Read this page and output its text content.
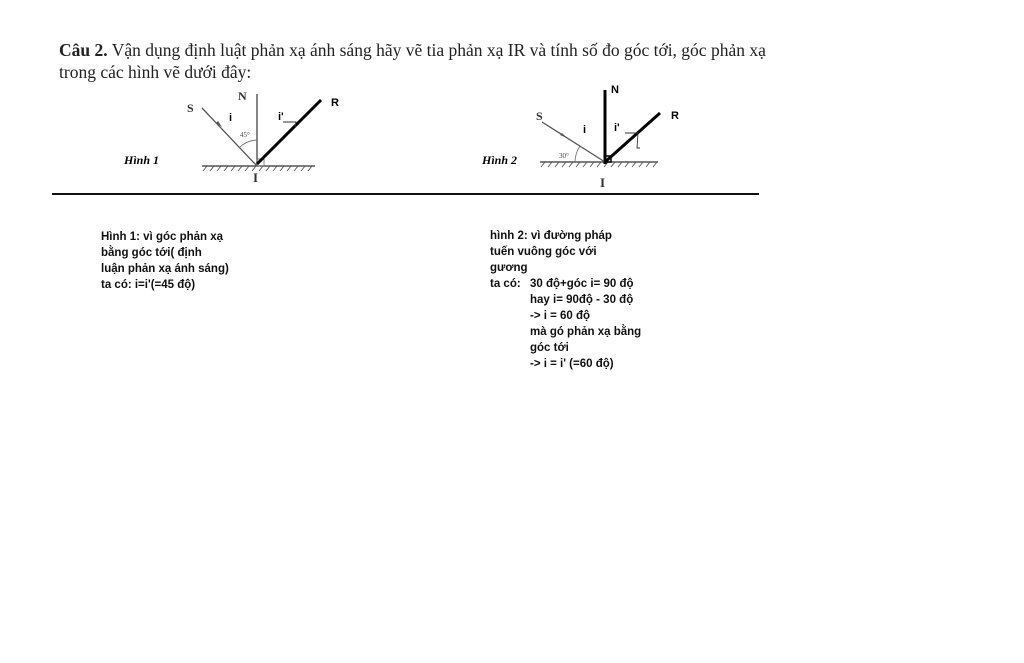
Câu 2. Vận dụng định luật phản xạ ánh sáng hãy vẽ tia phản xạ IR và tính số đo góc tới, góc phản xạ trong các hình vẽ dưới đây:
Hình 1
S
N
i	i'
R
I
45°
Hình 2
S
N
i	i'
R
I
30°
Hình 1: vì góc phản xạ
bằng góc tới( định
luận phản xạ ánh sáng)
ta có: i=i'(=45 độ)
hình 2: vì đường pháp
tuến vuông góc với
gương
ta có: 30 độ+góc i= 90 độ
hay i= 90độ - 30 độ
-> i = 60 độ
mà gó phản xạ bằng
góc tới
-> i = i' (=60 độ)
